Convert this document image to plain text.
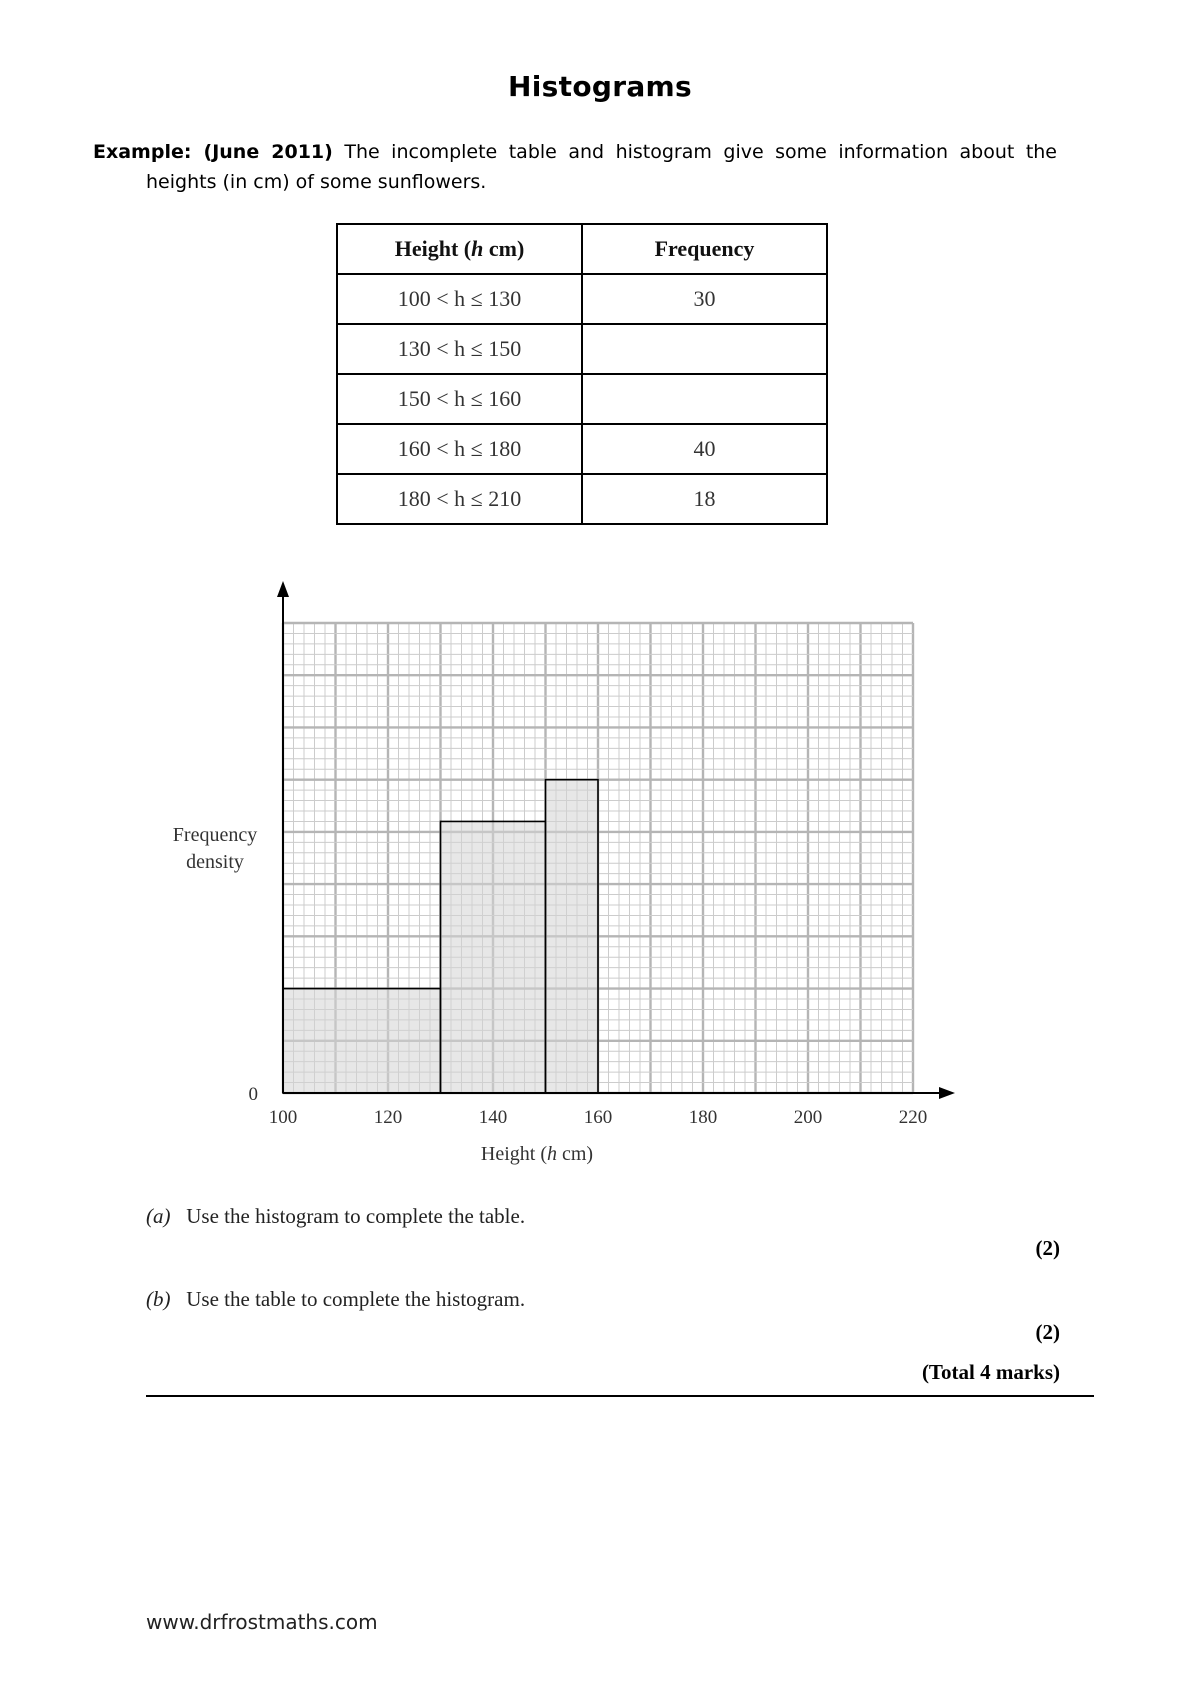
Histograms
Example: (June 2011) The incomplete table and histogram give some information about the
heights (in cm) of some sunflowers.
Height (h cm)	Frequency
100 < h ≤ 130	30
130 < h ≤ 150	
150 < h ≤ 160	
160 < h ≤ 180	40
180 < h ≤ 210	18
100	120	140	160	180	200	220
0
Height (h cm)
Frequency
density
(a) Use the histogram to complete the table.
(2)
(b) Use the table to complete the histogram.
(2)
(Total 4 marks)
www.drfrostmaths.com
